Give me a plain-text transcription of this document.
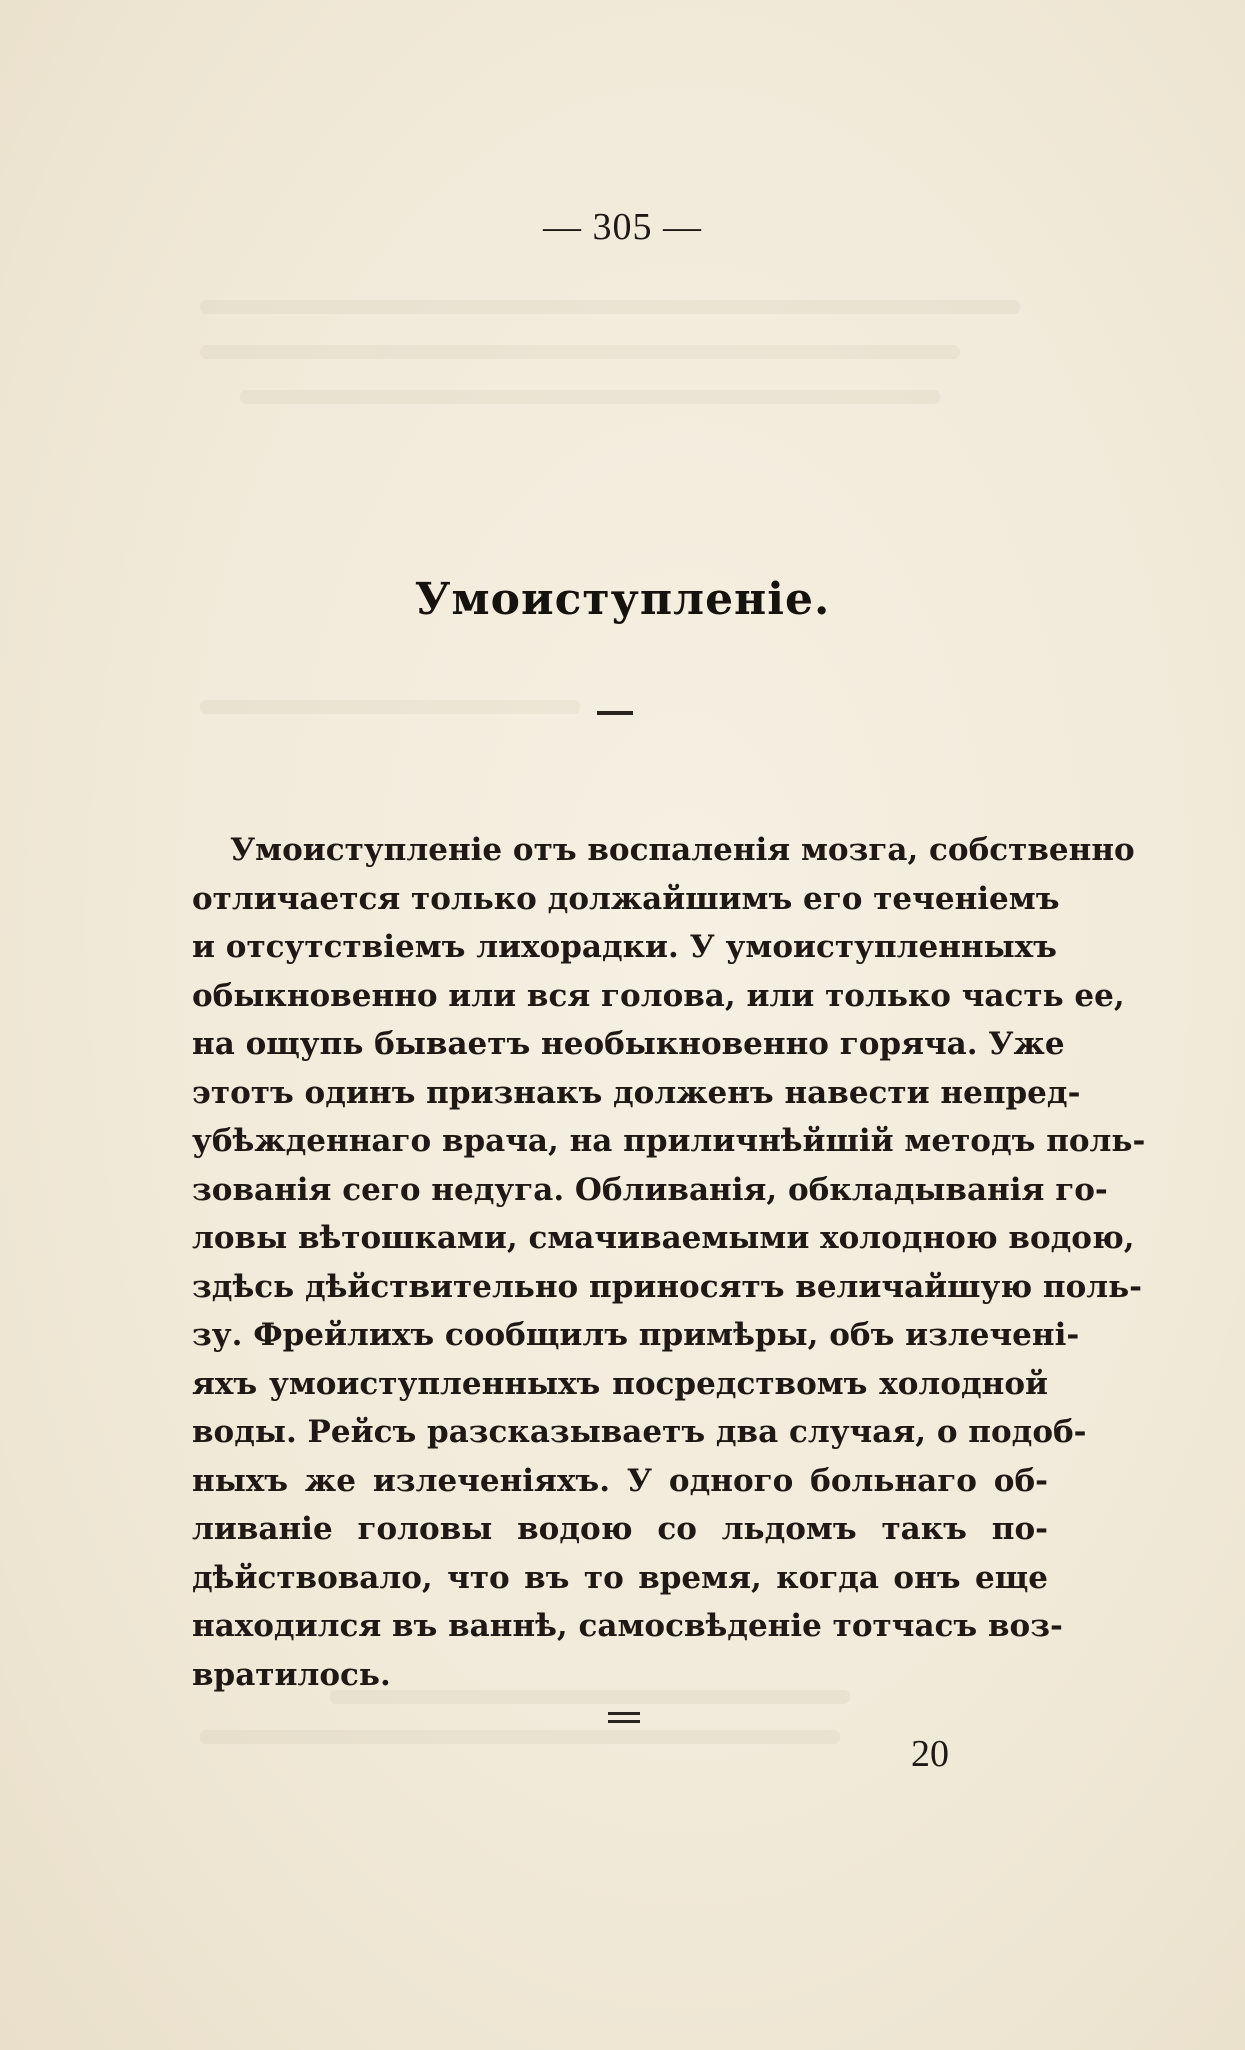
— 305 —
Умоиступленіе.
Умоиступленіе отъ воспаленія мозга, собственно
отличается только должайшимъ его теченіемъ
и отсутствіемъ лихорадки. У умоиступленныхъ
обыкновенно или вся голова, или только часть ее,
на ощупь бываетъ необыкновенно горяча. Уже
этотъ одинъ признакъ долженъ навести непред-
убѣжденнаго врача, на приличнѣйшій методъ поль-
зованія сего недуга. Обливанія, обкладыванія го-
ловы вѣтошками, смачиваемыми холодною водою,
здѣсь дѣйствительно приносятъ величайшую поль-
зу. Фрейлихъ сообщилъ примѣры, объ излеченi-
яхъ умоиступленныхъ посредствомъ холодной
воды. Рейсъ разсказываетъ два случая, о подоб-
ныхъ же излеченіяхъ. У одного больнаго об-
ливаніе головы водою со льдомъ такъ по-
дѣйствовало, что въ то время, когда онъ еще
находился въ ваннѣ, самосвѣденіе тотчасъ воз-
вратилось.
20
